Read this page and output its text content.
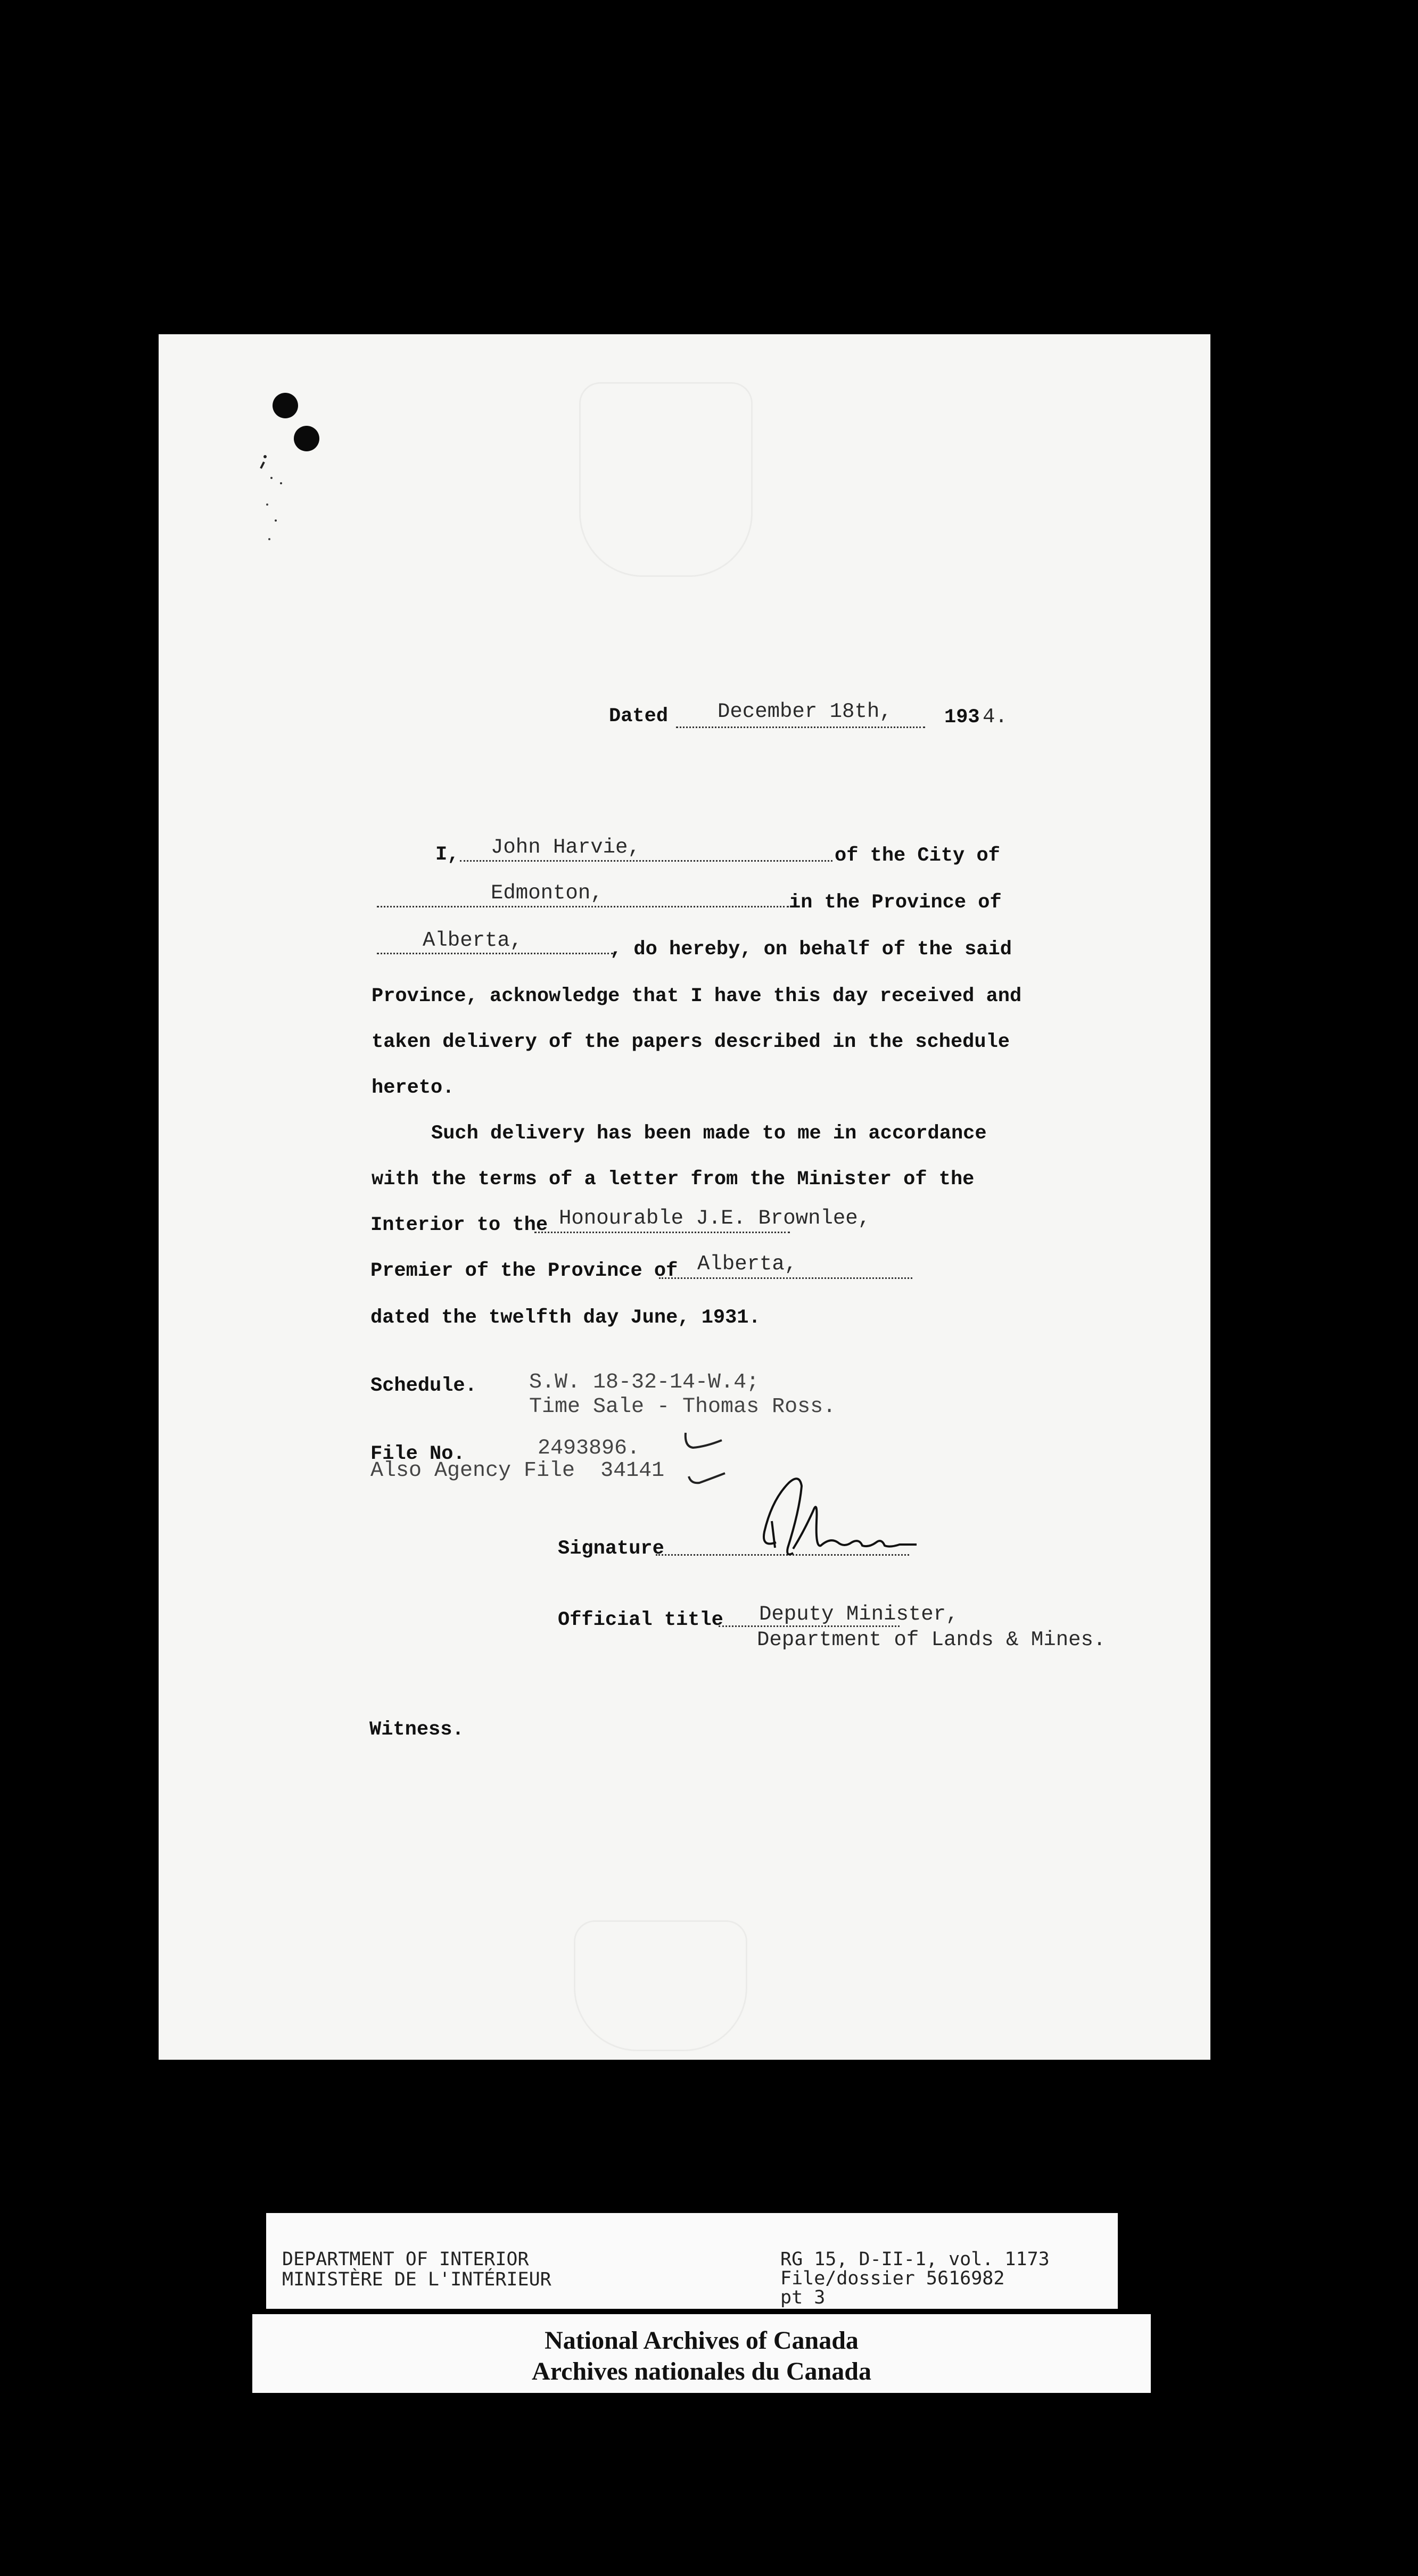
Dated December 18th,	193 4.
I, John Harvie,	of the City of
Edmonton,	in the Province of
Alberta,	, do hereby, on behalf of the said
Province, acknowledge that I have this day received and
taken delivery of the papers described in the schedule
hereto.
Such delivery has been made to me in accordance
with the terms of a letter from the Minister of the
Interior to the Honourable J.E. Brownlee,
Premier of the Province of Alberta,
dated the twelfth day June, 1931.
Schedule. S.W. 18-32-14-W.4;
Time Sale - Thomas Ross.
File No.	2493896.
Also Agency File  34141
Signature
Official title Deputy Minister,
Department of Lands & Mines.
Witness.
DEPARTMENT OF INTERIOR
MINISTÈRE DE L'INTÉRIEUR
RG 15, D-II-1, vol. 1173
File/dossier 5616982
pt 3
National Archives of Canada
Archives nationales du Canada
